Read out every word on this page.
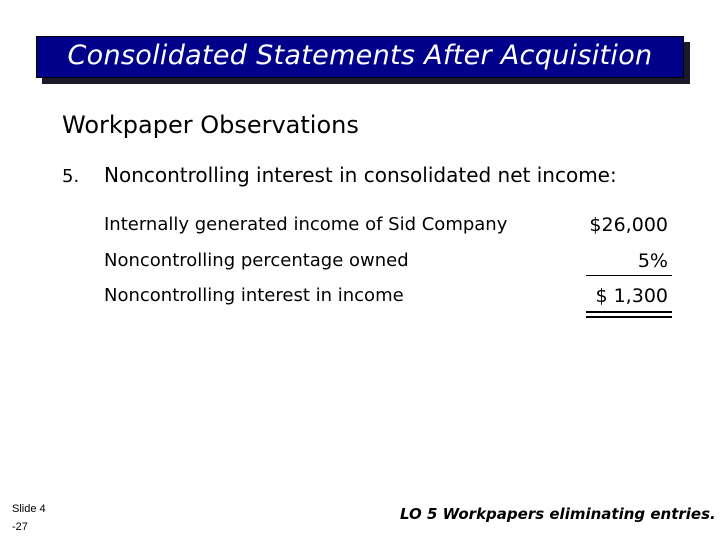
Consolidated Statements After Acquisition
Workpaper Observations
5. Noncontrolling interest in consolidated net income:
Internally generated income of Sid Company	$26,000
Noncontrolling percentage owned	5%
Noncontrolling interest in income	$ 1,300
Slide 4
-27
LO 5 Workpapers eliminating entries.
